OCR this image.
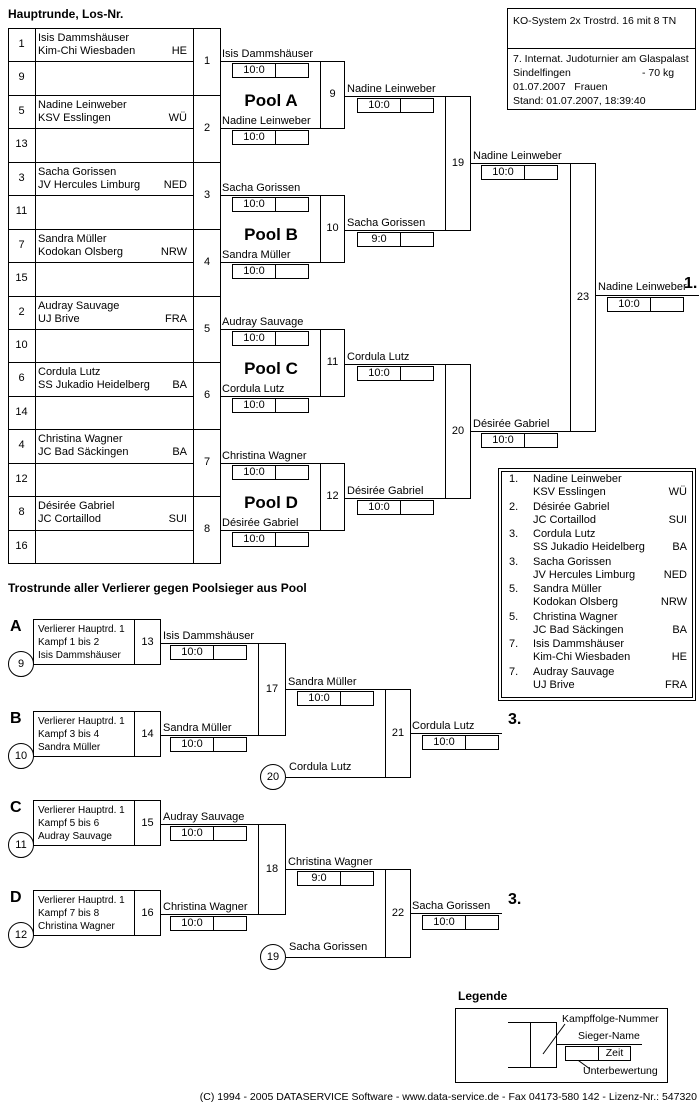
Hauptrunde, Los-Nr.	KO-System 2x Trostrd. 16 mit 8 TN
7. Internat. Judoturnier am Glaspalast
Sindelfingen	- 70 kg
01.07.2007   Frauen
Stand: 01.07.2007, 18:39:40
Trostrunde aller Verlierer gegen Poolsieger aus Pool
Legende
Kampffolge-Nummer
Sieger-Name
Zeit
Unterbewertung
(C) 1994 - 2005 DATASERVICE Software - www.data-service.de - Fax 04173-580 142 - Lizenz-Nr.: 547320
1	Isis Dammshäuser
Kim-Chi Wiesbaden	HE
9
5	Nadine Leinweber
KSV Esslingen	WÜ
13
3	Sacha Gorissen
JV Hercules Limburg	NED
11
7	Sandra Müller
Kodokan Olsberg	NRW
15
2	Audray Sauvage
UJ Brive	FRA
10
6	Cordula Lutz
SS Jukadio Heidelberg	BA
14
4	Christina Wagner
JC Bad Säckingen	BA
12
8	Désirée Gabriel
JC Cortaillod	SUI
16
1
2
3
4
5
6
7
8
Isis Dammshäuser
10:0
Nadine Leinweber
10:0
Pool A	9	Nadine Leinweber
10:0
Sacha Gorissen
10:0
Sandra Müller
10:0
Pool B	10 Sacha Gorissen
9:0
Audray Sauvage
10:0
Cordula Lutz
10:0
Pool C	11 Cordula Lutz
10:0
Christina Wagner
10:0
Désirée Gabriel
10:0
Pool D	12 Désirée Gabriel
10:0
19
Nadine Leinweber
10:0
20
Désirée Gabriel
10:0
23
Nadine Leinweber
1.
10:0
A Verlierer Hauptrd. 1
Kampf 1 bis 2
Isis Dammshäuser
9
13 Isis Dammshäuser
10:0
B Verlierer Hauptrd. 1
Kampf 3 bis 4
Sandra Müller
10
14 Sandra Müller
10:0
C Verlierer Hauptrd. 1
Kampf 5 bis 6
Audray Sauvage
11
15 Audray Sauvage
10:0
D Verlierer Hauptrd. 1
Kampf 7 bis 8
Christina Wagner
12
16 Christina Wagner
10:0
17
Sandra Müller
10:0
18
Christina Wagner
9:0
20
Cordula Lutz
19
Sacha Gorissen
21
Cordula Lutz
10:0
3.
22
Sacha Gorissen
10:0
3.
1. Nadine Leinweber
KSV Esslingen	WÜ
2. Désirée Gabriel
JC Cortaillod	SUI
3. Cordula Lutz
SS Jukadio Heidelberg	BA
3. Sacha Gorissen
JV Hercules Limburg	NED
5. Sandra Müller
Kodokan Olsberg	NRW
5. Christina Wagner
JC Bad Säckingen	BA
7. Isis Dammshäuser
Kim-Chi Wiesbaden	HE
7. Audray Sauvage
UJ Brive	FRA
